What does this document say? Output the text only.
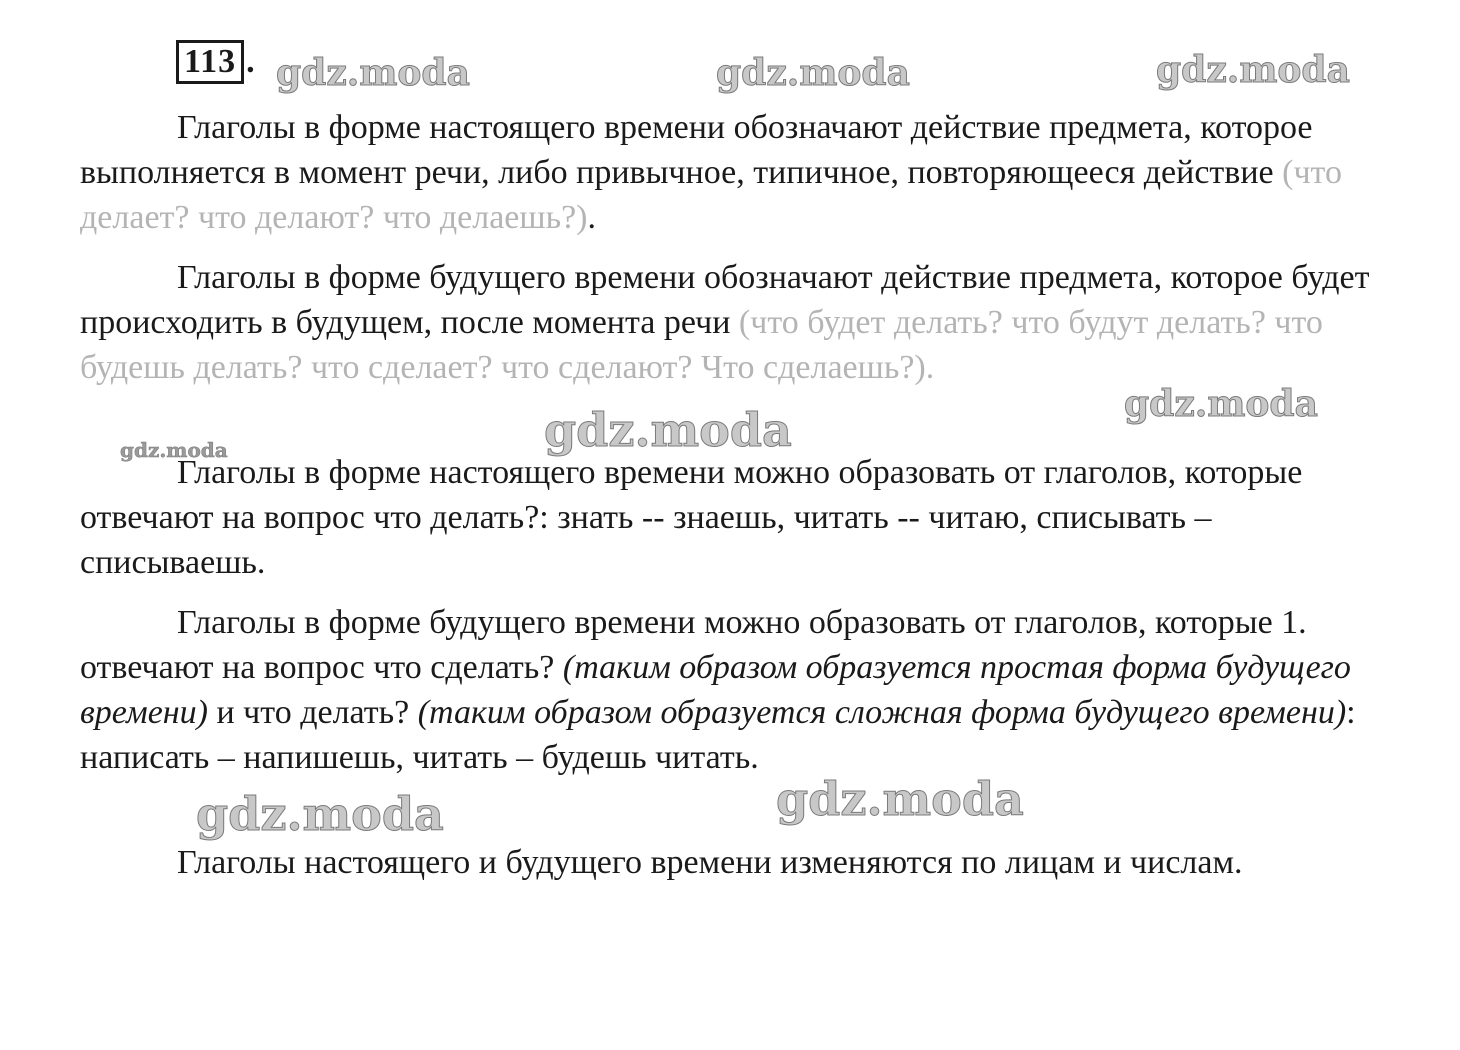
113 .

Глаголы в форме настоящего времени обозначают действие предмета, которое выполняется в момент речи, либо привычное, типичное, повторяющееся действие (что делает? что делают? что делаешь?).

Глаголы в форме будущего времени обозначают действие предмета, которое будет происходить в будущем, после момента речи (что будет делать? что будут делать? что будешь делать? что сделает? что сделают? Что сделаешь?).

Глаголы в форме настоящего времени можно образовать от глаголов, которые отвечают на вопрос что делать?: знать -- знаешь, читать -- читаю, списывать – списываешь.

Глаголы в форме будущего времени можно образовать от глаголов, которые 1. отвечают на вопрос что сделать? (таким образом образуется простая форма будущего времени) и что делать? (таким образом образуется сложная форма будущего времени): написать – напишешь, читать – будешь читать.

Глаголы настоящего и будущего времени изменяются по лицам и числам.

gdz.moda	gdz.moda	gdz.moda
gdz.moda
gdz.moda
gdz.moda
gdz.moda	gdz.moda
